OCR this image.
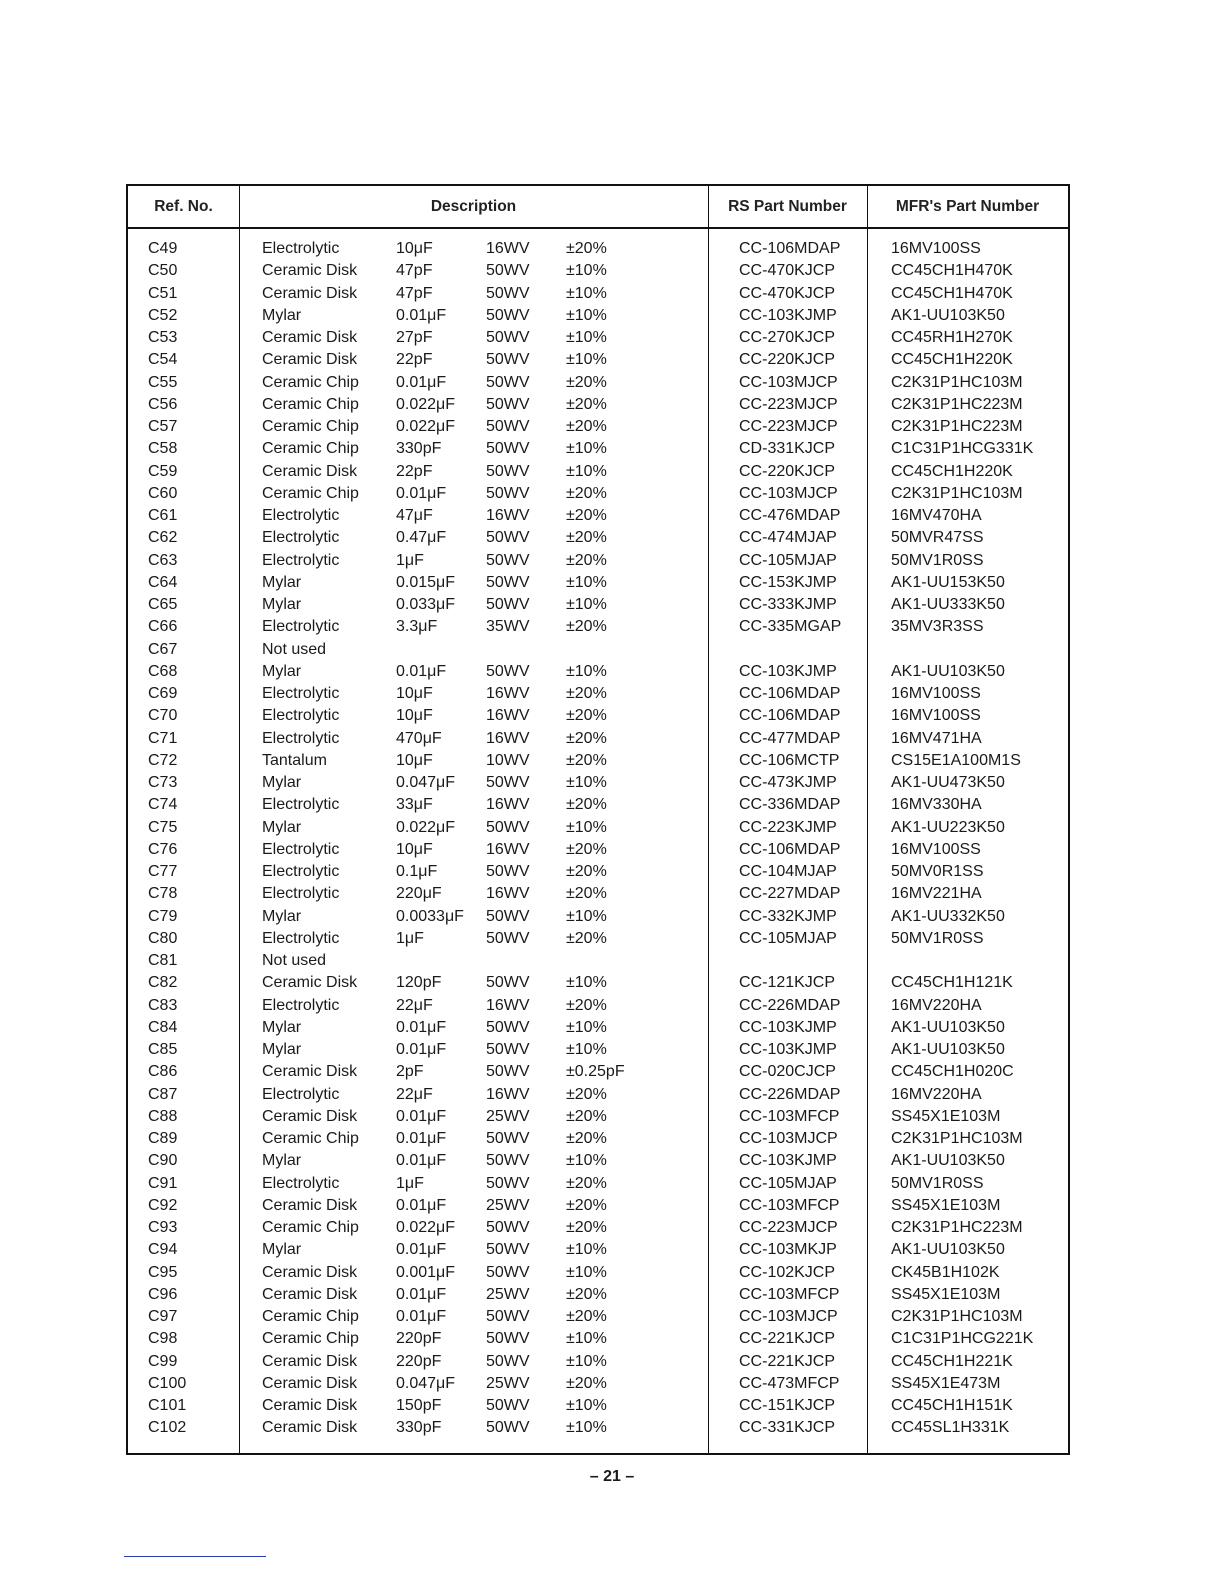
Ref. No.	Description	RS Part Number	MFR's Part Number
C49	Electrolytic	10μF	16WV ±20%	CC-106MDAP	16MV100SS
C50	Ceramic Disk 47pF	50WV ±10%	CC-470KJCP	CC45CH1H470K
C51	Ceramic Disk 47pF	50WV ±10%	CC-470KJCP	CC45CH1H470K
C52	Mylar	0.01μF 50WV ±10%	CC-103KJMP	AK1-UU103K50
C53	Ceramic Disk 27pF	50WV ±10%	CC-270KJCP	CC45RH1H270K
C54	Ceramic Disk 22pF	50WV ±10%	CC-220KJCP	CC45CH1H220K
C55	Ceramic Chip 0.01μF 50WV ±20%	CC-103MJCP	C2K31P1HC103M
C56	Ceramic Chip 0.022μF 50WV ±20%	CC-223MJCP	C2K31P1HC223M
C57	Ceramic Chip 0.022μF 50WV ±20%	CC-223MJCP	C2K31P1HC223M
C58	Ceramic Chip 330pF	50WV ±10%	CD-331KJCP	C1C31P1HCG331K
C59	Ceramic Disk 22pF	50WV ±10%	CC-220KJCP	CC45CH1H220K
C60	Ceramic Chip 0.01μF 50WV ±20%	CC-103MJCP	C2K31P1HC103M
C61	Electrolytic	47μF	16WV ±20%	CC-476MDAP	16MV470HA
C62	Electrolytic	0.47μF 50WV ±20%	CC-474MJAP	50MVR47SS
C63	Electrolytic	1μF	50WV ±20%	CC-105MJAP	50MV1R0SS
C64	Mylar	0.015μF 50WV ±10%	CC-153KJMP	AK1-UU153K50
C65	Mylar	0.033μF 50WV ±10%	CC-333KJMP	AK1-UU333K50
C66	Electrolytic	3.3μF	35WV ±20%	CC-335MGAP	35MV3R3SS
C67	Not used
C68	Mylar	0.01μF 50WV ±10%	CC-103KJMP	AK1-UU103K50
C69	Electrolytic	10μF	16WV ±20%	CC-106MDAP	16MV100SS
C70	Electrolytic	10μF	16WV ±20%	CC-106MDAP	16MV100SS
C71	Electrolytic	470μF	16WV ±20%	CC-477MDAP	16MV471HA
C72	Tantalum	10μF	10WV ±20%	CC-106MCTP	CS15E1A100M1S
C73	Mylar	0.047μF 50WV ±10%	CC-473KJMP	AK1-UU473K50
C74	Electrolytic	33μF	16WV ±20%	CC-336MDAP	16MV330HA
C75	Mylar	0.022μF 50WV ±10%	CC-223KJMP	AK1-UU223K50
C76	Electrolytic	10μF	16WV ±20%	CC-106MDAP	16MV100SS
C77	Electrolytic	0.1μF	50WV ±20%	CC-104MJAP	50MV0R1SS
C78	Electrolytic	220μF	16WV ±20%	CC-227MDAP	16MV221HA
C79	Mylar	0.0033μF 50WV ±10%	CC-332KJMP	AK1-UU332K50
C80	Electrolytic	1μF	50WV ±20%	CC-105MJAP	50MV1R0SS
C81	Not used
C82	Ceramic Disk 120pF	50WV ±10%	CC-121KJCP	CC45CH1H121K
C83	Electrolytic	22μF	16WV ±20%	CC-226MDAP	16MV220HA
C84	Mylar	0.01μF 50WV ±10%	CC-103KJMP	AK1-UU103K50
C85	Mylar	0.01μF 50WV ±10%	CC-103KJMP	AK1-UU103K50
C86	Ceramic Disk 2pF	50WV ±0.25pF	CC-020CJCP	CC45CH1H020C
C87	Electrolytic	22μF	16WV ±20%	CC-226MDAP	16MV220HA
C88	Ceramic Disk 0.01μF 25WV ±20%	CC-103MFCP	SS45X1E103M
C89	Ceramic Chip 0.01μF 50WV ±20%	CC-103MJCP	C2K31P1HC103M
C90	Mylar	0.01μF 50WV ±10%	CC-103KJMP	AK1-UU103K50
C91	Electrolytic	1μF	50WV ±20%	CC-105MJAP	50MV1R0SS
C92	Ceramic Disk 0.01μF 25WV ±20%	CC-103MFCP	SS45X1E103M
C93	Ceramic Chip 0.022μF 50WV ±20%	CC-223MJCP	C2K31P1HC223M
C94	Mylar	0.01μF 50WV ±10%	CC-103MKJP	AK1-UU103K50
C95	Ceramic Disk 0.001μF 50WV ±10%	CC-102KJCP	CK45B1H102K
C96	Ceramic Disk 0.01μF 25WV ±20%	CC-103MFCP	SS45X1E103M
C97	Ceramic Chip 0.01μF 50WV ±20%	CC-103MJCP	C2K31P1HC103M
C98	Ceramic Chip 220pF	50WV ±10%	CC-221KJCP	C1C31P1HCG221K
C99	Ceramic Disk 220pF	50WV ±10%	CC-221KJCP	CC45CH1H221K
C100	Ceramic Disk 0.047μF 25WV ±20%	CC-473MFCP	SS45X1E473M
C101	Ceramic Disk 150pF	50WV ±10%	CC-151KJCP	CC45CH1H151K
C102	Ceramic Disk 330pF	50WV ±10%	CC-331KJCP	CC45SL1H331K
– 21 –
